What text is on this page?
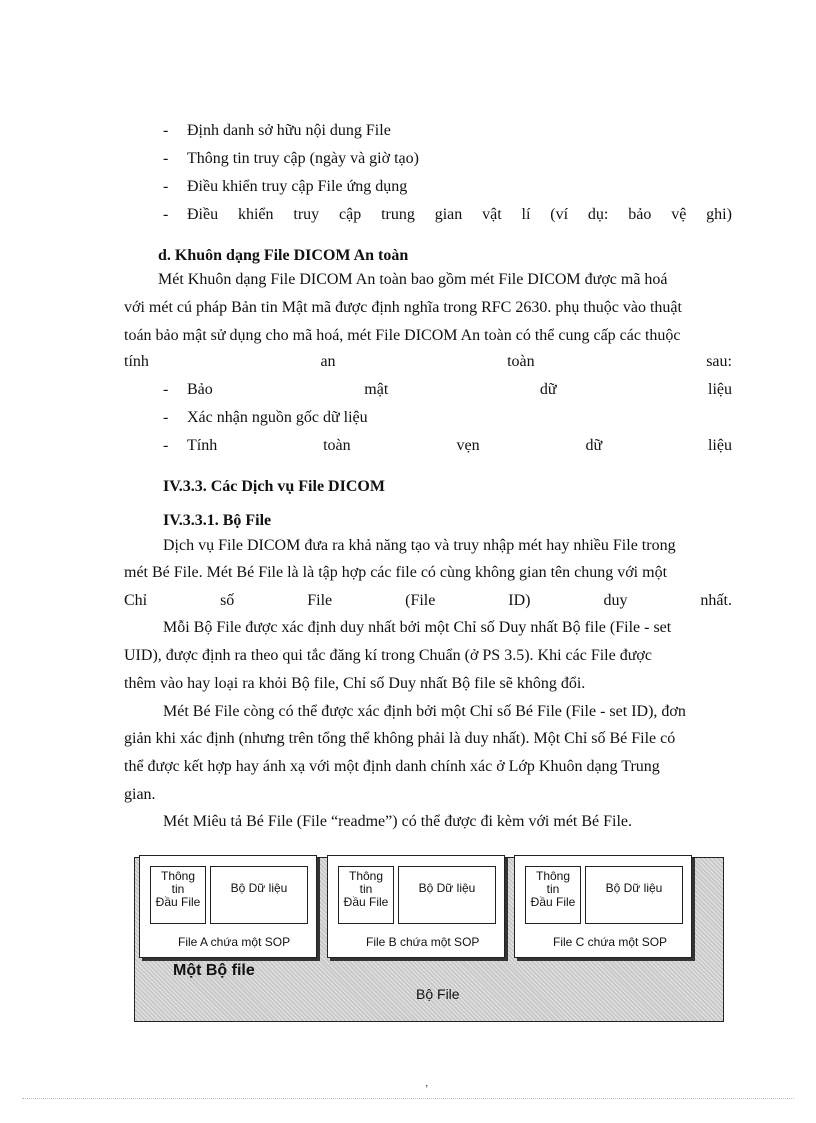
- Định danh sở hữu nội dung File
- Thông tin truy cập (ngày và giờ tạo)
- Điều khiển truy cập File ứng dụng
- Điều khiển truy cập trung gian vật lí (ví dụ: bảo vệ ghi)
d. Khuôn dạng File DICOM An toàn
Mét Khuôn dạng File DICOM An toàn bao gồm mét File DICOM được mã hoá
với mét cú pháp Bản tin Mật mã được định nghĩa trong RFC 2630. phụ thuộc vào thuật
toán bảo mật sử dụng cho mã hoá, mét File DICOM An toàn có thể cung cấp các thuộc
tính	an	toàn	sau:
- Bảo	mật	dữ	liệu
- Xác nhận nguồn gốc dữ liệu
- Tính	toàn	vẹn	dữ	liệu
IV.3.3. Các Dịch vụ File DICOM
IV.3.3.1. Bộ File
Dịch vụ File DICOM đưa ra khả năng tạo và truy nhập mét hay nhiều File trong
mét Bé File. Mét Bé File là là tập hợp các file có cùng không gian tên chung với một
Chỉ	số	File	(File	ID)	duy	nhất.
Mỗi Bộ File được xác định duy nhất bởi một Chỉ số Duy nhất Bộ file (File - set
UID), được định ra theo qui tắc đăng kí trong Chuẩn (ở PS 3.5). Khi các File được
thêm vào hay loại ra khỏi Bộ file, Chỉ số Duy nhất Bộ file sẽ không đổi.
Mét Bé File còng có thể được xác định bởi một Chỉ số Bé File (File - set ID), đơn
giản khi xác định (nhưng trên tổng thể không phải là duy nhất). Một Chỉ số Bé File có
thể được kết hợp hay ánh xạ với một định danh chính xác ở Lớp Khuôn dạng Trung
gian.
Mét Miêu tả Bé File (File “readme”) có thể được đi kèm với mét Bé File.
Thông
tin
Đầu File
Bộ Dữ liệu
File A chứa một SOP
Thông
tin
Đầu File
Bộ Dữ liệu
File B chứa một SOP
Thông
tin
Đầu File
Bộ Dữ liệu
File C chứa một SOP
Một Bộ file
Bộ File
‚
